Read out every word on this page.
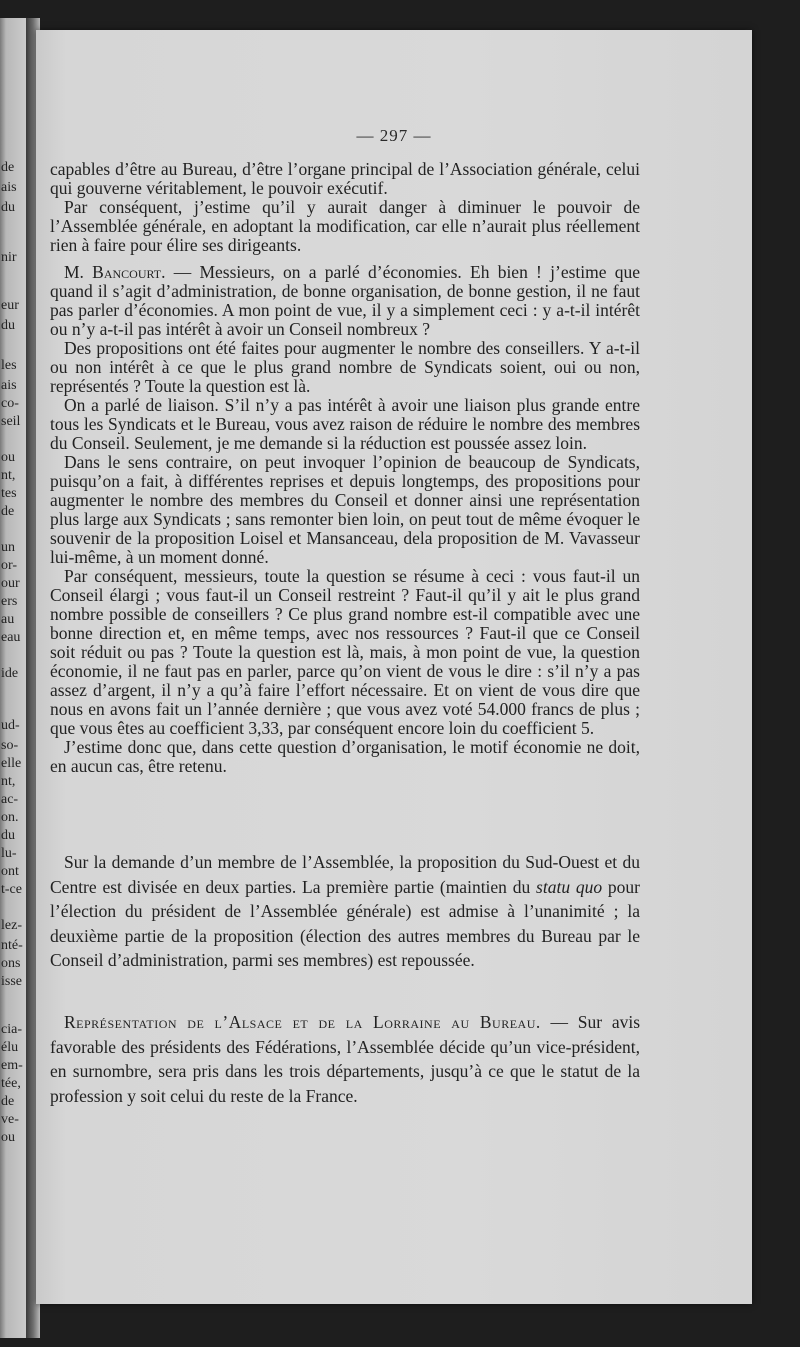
de
ais
du
nir
eur
du
les
ais
co-
seil
ou
nt,
tes
de
un
or-
our
ers
au
eau
ide
ud-
so-
elle
nt,
ac-
on.
du
lu-
ont
t-ce
lez-
nté-
ons
isse
cia-
élu
em-
tée,
de
ve-
ou
— 297 —

capables d’être au Bureau, d’être l’organe principal de l’Association générale, celui qui gouverne véritablement, le pouvoir exécutif.

Par conséquent, j’estime qu’il y aurait danger à diminuer le pouvoir de l’Assemblée générale, en adoptant la modification, car elle n’aurait plus réellement rien à faire pour élire ses dirigeants.

M. Bancourt. — Messieurs, on a parlé d’économies. Eh bien ! j’estime que quand il s’agit d’administration, de bonne organisation, de bonne gestion, il ne faut pas parler d’économies. A mon point de vue, il y a simplement ceci : y a-t-il intérêt ou n’y a-t-il pas intérêt à avoir un Conseil nombreux ?

Des propositions ont été faites pour augmenter le nombre des conseillers. Y a-t-il ou non intérêt à ce que le plus grand nombre de Syndicats soient, oui ou non, représentés ? Toute la question est là.

On a parlé de liaison. S’il n’y a pas intérêt à avoir une liaison plus grande entre tous les Syndicats et le Bureau, vous avez raison de réduire le nombre des membres du Conseil. Seulement, je me demande si la réduction est poussée assez loin.

Dans le sens contraire, on peut invoquer l’opinion de beaucoup de Syndicats, puisqu’on a fait, à différentes reprises et depuis longtemps, des propositions pour augmenter le nombre des membres du Conseil et donner ainsi une représentation plus large aux Syndicats ; sans remonter bien loin, on peut tout de même évoquer le souvenir de la proposition Loisel et Mansanceau, dela proposition de M. Vavasseur lui-même, à un moment donné.

Par conséquent, messieurs, toute la question se résume à ceci : vous faut-il un Conseil élargi ; vous faut-il un Conseil restreint ? Faut-il qu’il y ait le plus grand nombre possible de conseillers ? Ce plus grand nombre est-il compatible avec une bonne direction et, en même temps, avec nos ressources ? Faut-il que ce Conseil soit réduit ou pas ? Toute la question est là, mais, à mon point de vue, la question économie, il ne faut pas en parler, parce qu’on vient de vous le dire : s’il n’y a pas assez d’argent, il n’y a qu’à faire l’effort nécessaire. Et on vient de vous dire que nous en avons fait un l’année dernière ; que vous avez voté 54.000 francs de plus ; que vous êtes au coefficient 3,33, par conséquent encore loin du coefficient 5.

J’estime donc que, dans cette question d’organisation, le motif économie ne doit, en aucun cas, être retenu.

Sur la demande d’un membre de l’Assemblée, la proposition du Sud-Ouest et du Centre est divisée en deux parties. La première partie (maintien du statu quo pour l’élection du président de l’Assemblée générale) est admise à l’unanimité ; la deuxième partie de la proposition (élection des autres membres du Bureau par le Conseil d’administration, parmi ses membres) est repoussée.

Représentation de l’Alsace et de la Lorraine au Bureau. — Sur avis favorable des présidents des Fédérations, l’Assemblée décide qu’un vice-président, en surnombre, sera pris dans les trois départements, jusqu’à ce que le statut de la profession y soit celui du reste de la France.
